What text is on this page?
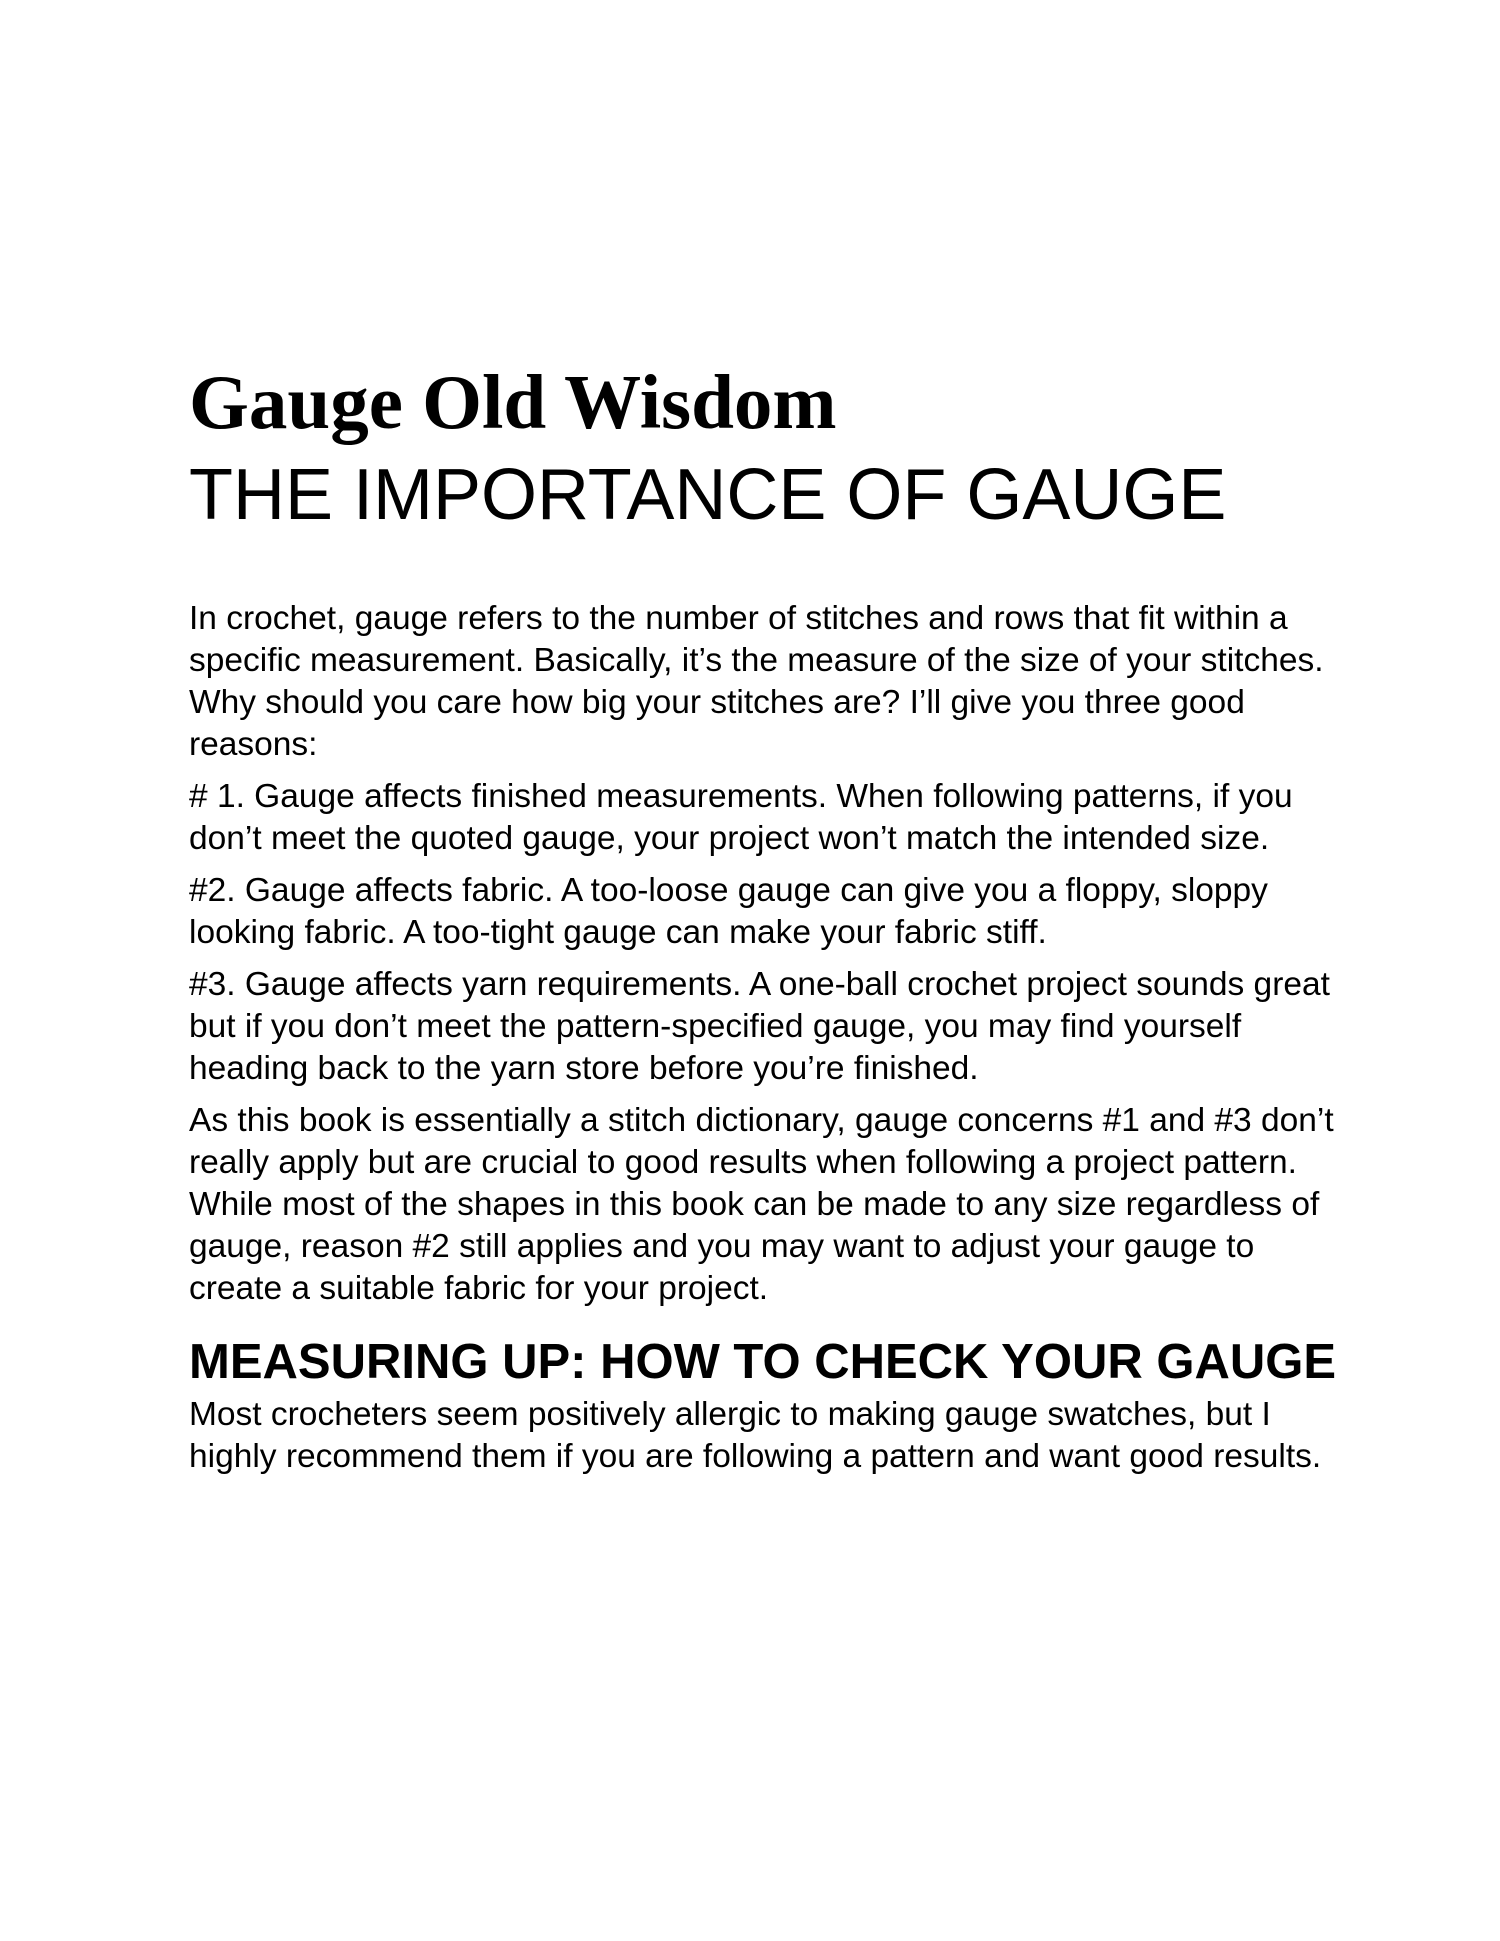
Gauge Old Wisdom
THE IMPORTANCE OF GAUGE

In crochet, gauge refers to the number of stitches and rows that fit within a specific measurement. Basically, it’s the measure of the size of your stitches. Why should you care how big your stitches are? I’ll give you three good reasons:

# 1. Gauge affects finished measurements. When following patterns, if you don’t meet the quoted gauge, your project won’t match the intended size.

#2. Gauge affects fabric. A too-loose gauge can give you a floppy, sloppy looking fabric. A too-tight gauge can make your fabric stiff.

#3. Gauge affects yarn requirements. A one-ball crochet project sounds great but if you don’t meet the pattern-specified gauge, you may find yourself heading back to the yarn store before you’re finished.

As this book is essentially a stitch dictionary, gauge concerns #1 and #3 don’t really apply but are crucial to good results when following a project pattern. While most of the shapes in this book can be made to any size regardless of gauge, reason #2 still applies and you may want to adjust your gauge to create a suitable fabric for your project.

MEASURING UP: HOW TO CHECK YOUR GAUGE

Most crocheters seem positively allergic to making gauge swatches, but I highly recommend them if you are following a pattern and want good results.
